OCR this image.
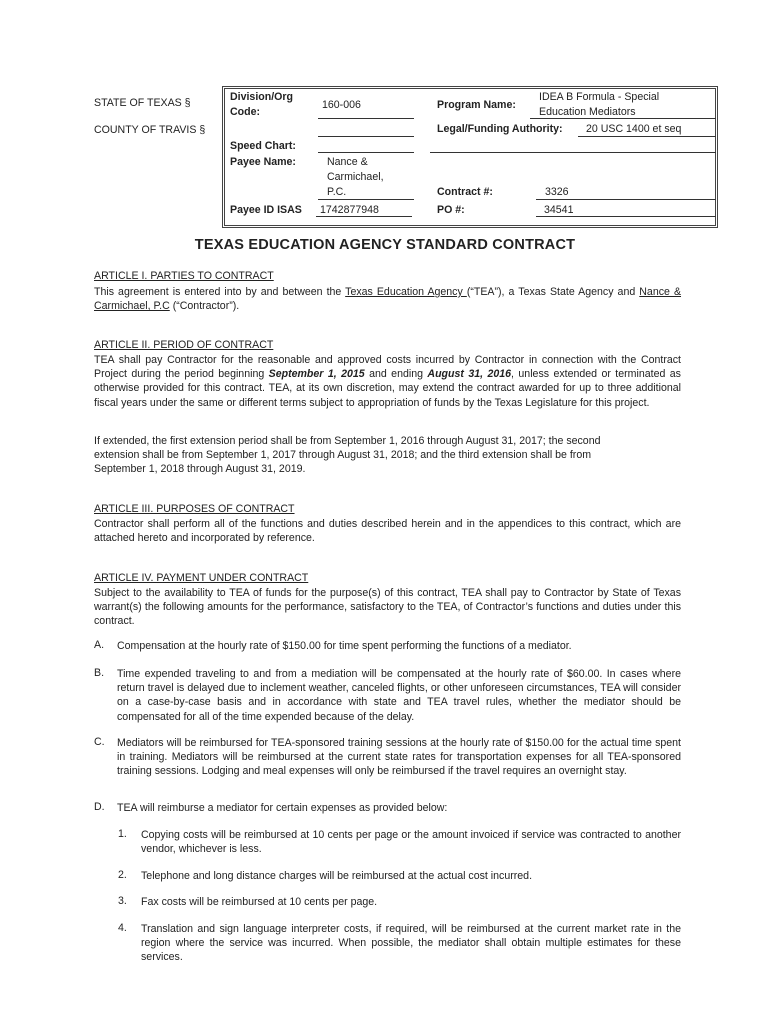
STATE OF TEXAS §
COUNTY OF TRAVIS §
Division/Org
Code:
160-006	Program Name:
IDEA B Formula - Special
Education Mediators
Legal/Funding Authority: 20 USC 1400 et seq
Speed Chart:
Payee Name:	Nance &
Carmichael,
P.C.	Contract #:	3326
Payee ID ISAS 1742877948	PO #:	34541
TEXAS EDUCATION AGENCY STANDARD CONTRACT
ARTICLE I. PARTIES TO CONTRACT

This agreement is entered into by and between the Texas Education Agency (“TEA”), a Texas State Agency and Nance & Carmichael, P.C (“Contractor”).

ARTICLE II. PERIOD OF CONTRACT

TEA shall pay Contractor for the reasonable and approved costs incurred by Contractor in connection with the Contract Project during the period beginning September 1, 2015 and ending August 31, 2016, unless extended or terminated as otherwise provided for this contract. TEA, at its own discretion, may extend the contract awarded for up to three additional fiscal years under the same or different terms subject to appropriation of funds by the Texas Legislature for this project.

If extended, the first extension period shall be from September 1, 2016 through August 31, 2017; the second
extension shall be from September 1, 2017 through August 31, 2018; and the third extension shall be from
September 1, 2018 through August 31, 2019.
ARTICLE III. PURPOSES OF CONTRACT

Contractor shall perform all of the functions and duties described herein and in the appendices to this contract, which are attached hereto and incorporated by reference.

ARTICLE IV. PAYMENT UNDER CONTRACT

Subject to the availability to TEA of funds for the purpose(s) of this contract, TEA shall pay to Contractor by State of Texas warrant(s) the following amounts for the performance, satisfactory to the TEA, of Contractor’s functions and duties under this contract.

A. Compensation at the hourly rate of $150.00 for time spent performing the functions of a mediator.
B. Time expended traveling to and from a mediation will be compensated at the hourly rate of $60.00. In cases where return travel is delayed due to inclement weather, canceled flights, or other unforeseen circumstances, TEA will consider on a case-by-case basis and in accordance with state and TEA travel rules, whether the mediator should be compensated for all of the time expended because of the delay.
C. Mediators will be reimbursed for TEA-sponsored training sessions at the hourly rate of $150.00 for the actual time spent in training. Mediators will be reimbursed at the current state rates for transportation expenses for all TEA-sponsored training sessions. Lodging and meal expenses will only be reimbursed if the travel requires an overnight stay.
D. TEA will reimburse a mediator for certain expenses as provided below:
1. Copying costs will be reimbursed at 10 cents per page or the amount invoiced if service was contracted to another vendor, whichever is less.
2. Telephone and long distance charges will be reimbursed at the actual cost incurred.
3. Fax costs will be reimbursed at 10 cents per page.
4. Translation and sign language interpreter costs, if required, will be reimbursed at the current market rate in the region where the service was incurred. When possible, the mediator shall obtain multiple estimates for these services.
